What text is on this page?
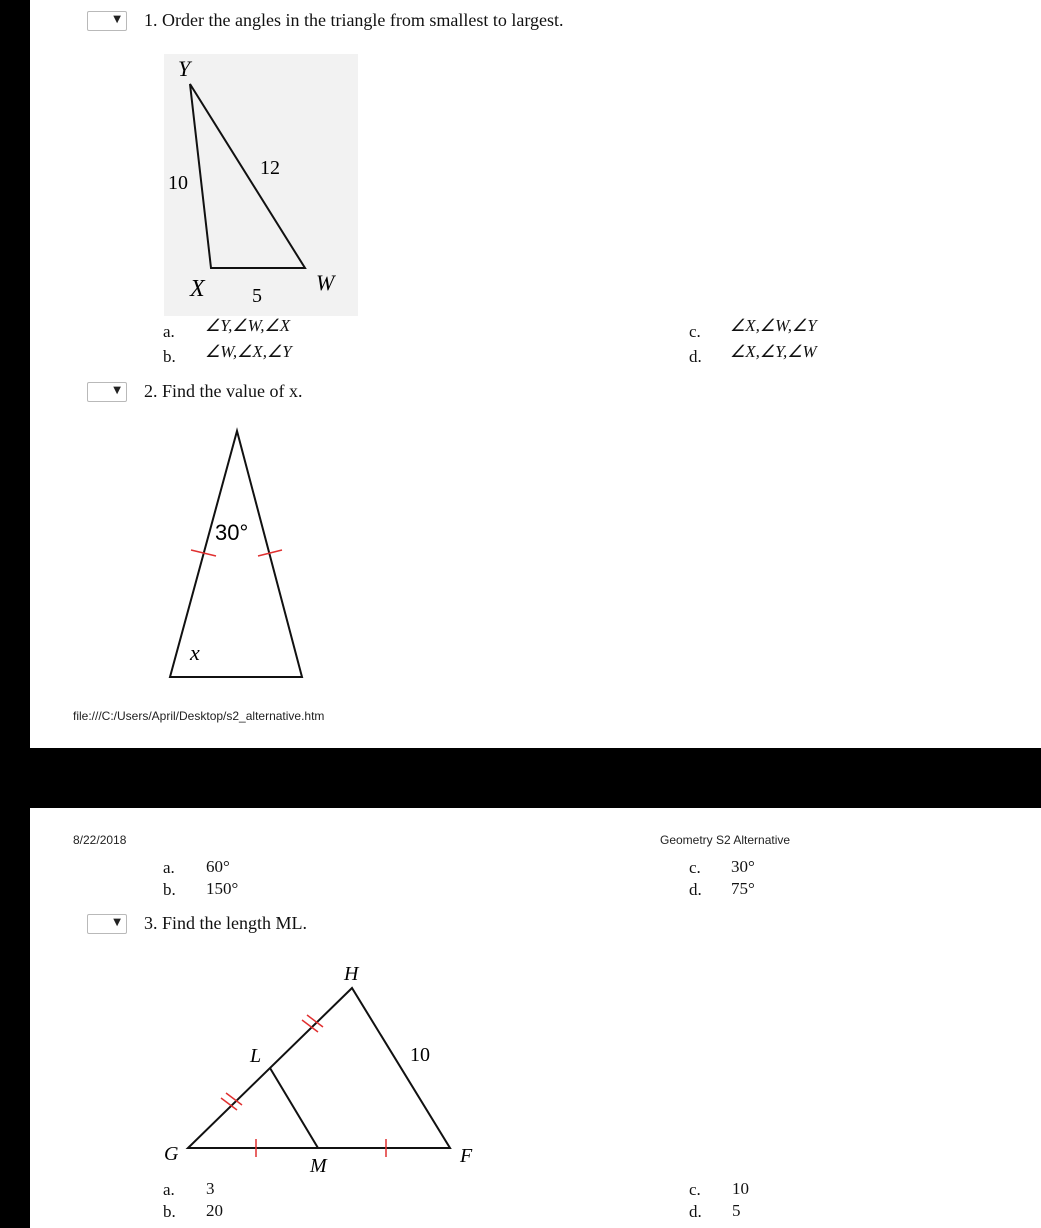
▼ 1. Order the angles in the triangle from smallest to largest.
Y
10
12
X 5
W
a. ∠Y,∠W,∠X
b. ∠W,∠X,∠Y
c. ∠X,∠W,∠Y
d. ∠X,∠Y,∠W
▼ 2. Find the value of x.
30°
x
file:///C:/Users/April/Desktop/s2_alternative.htm
8/22/2018	Geometry S2 Alternative
a. 60°
b. 150°
c. 30°
d. 75°
▼ 3. Find the length ML.
H
L	10
G
M	F
a. 3
b. 20
c. 10
d. 5
